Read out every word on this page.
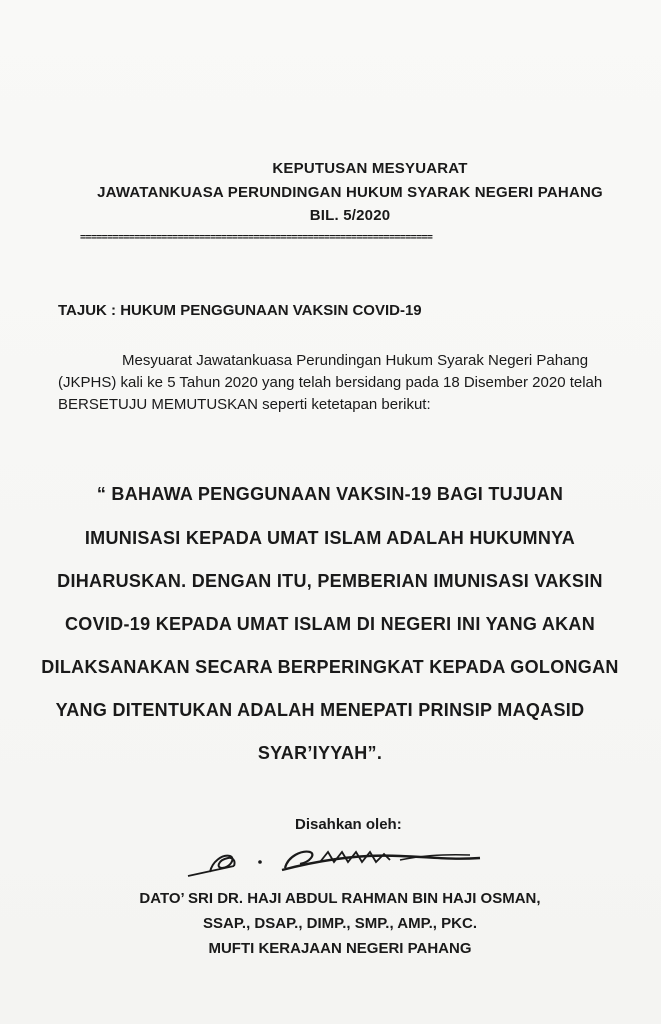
KEPUTUSAN MESYUARAT
JAWATANKUASA PERUNDINGAN HUKUM SYARAK NEGERI PAHANG
BIL. 5/2020
=================================================================
TAJUK : HUKUM PENGGUNAAN VAKSIN COVID-19
Mesyuarat Jawatankuasa Perundingan Hukum Syarak Negeri Pahang (JKPHS) kali ke 5 Tahun 2020 yang telah bersidang pada 18 Disember 2020 telah BERSETUJU MEMUTUSKAN seperti ketetapan berikut:
“ BAHAWA PENGGUNAAN VAKSIN-19 BAGI TUJUAN
IMUNISASI KEPADA UMAT ISLAM ADALAH HUKUMNYA
DIHARUSKAN. DENGAN ITU, PEMBERIAN IMUNISASI VAKSIN
COVID-19 KEPADA UMAT ISLAM DI NEGERI INI YANG AKAN
DILAKSANAKAN SECARA BERPERINGKAT KEPADA GOLONGAN
YANG DITENTUKAN ADALAH MENEPATI PRINSIP MAQASID
SYAR’IYYAH”.
Disahkan oleh:
DATO’ SRI DR. HAJI ABDUL RAHMAN BIN HAJI OSMAN,
SSAP., DSAP., DIMP., SMP., AMP., PKC.
MUFTI KERAJAAN NEGERI PAHANG
